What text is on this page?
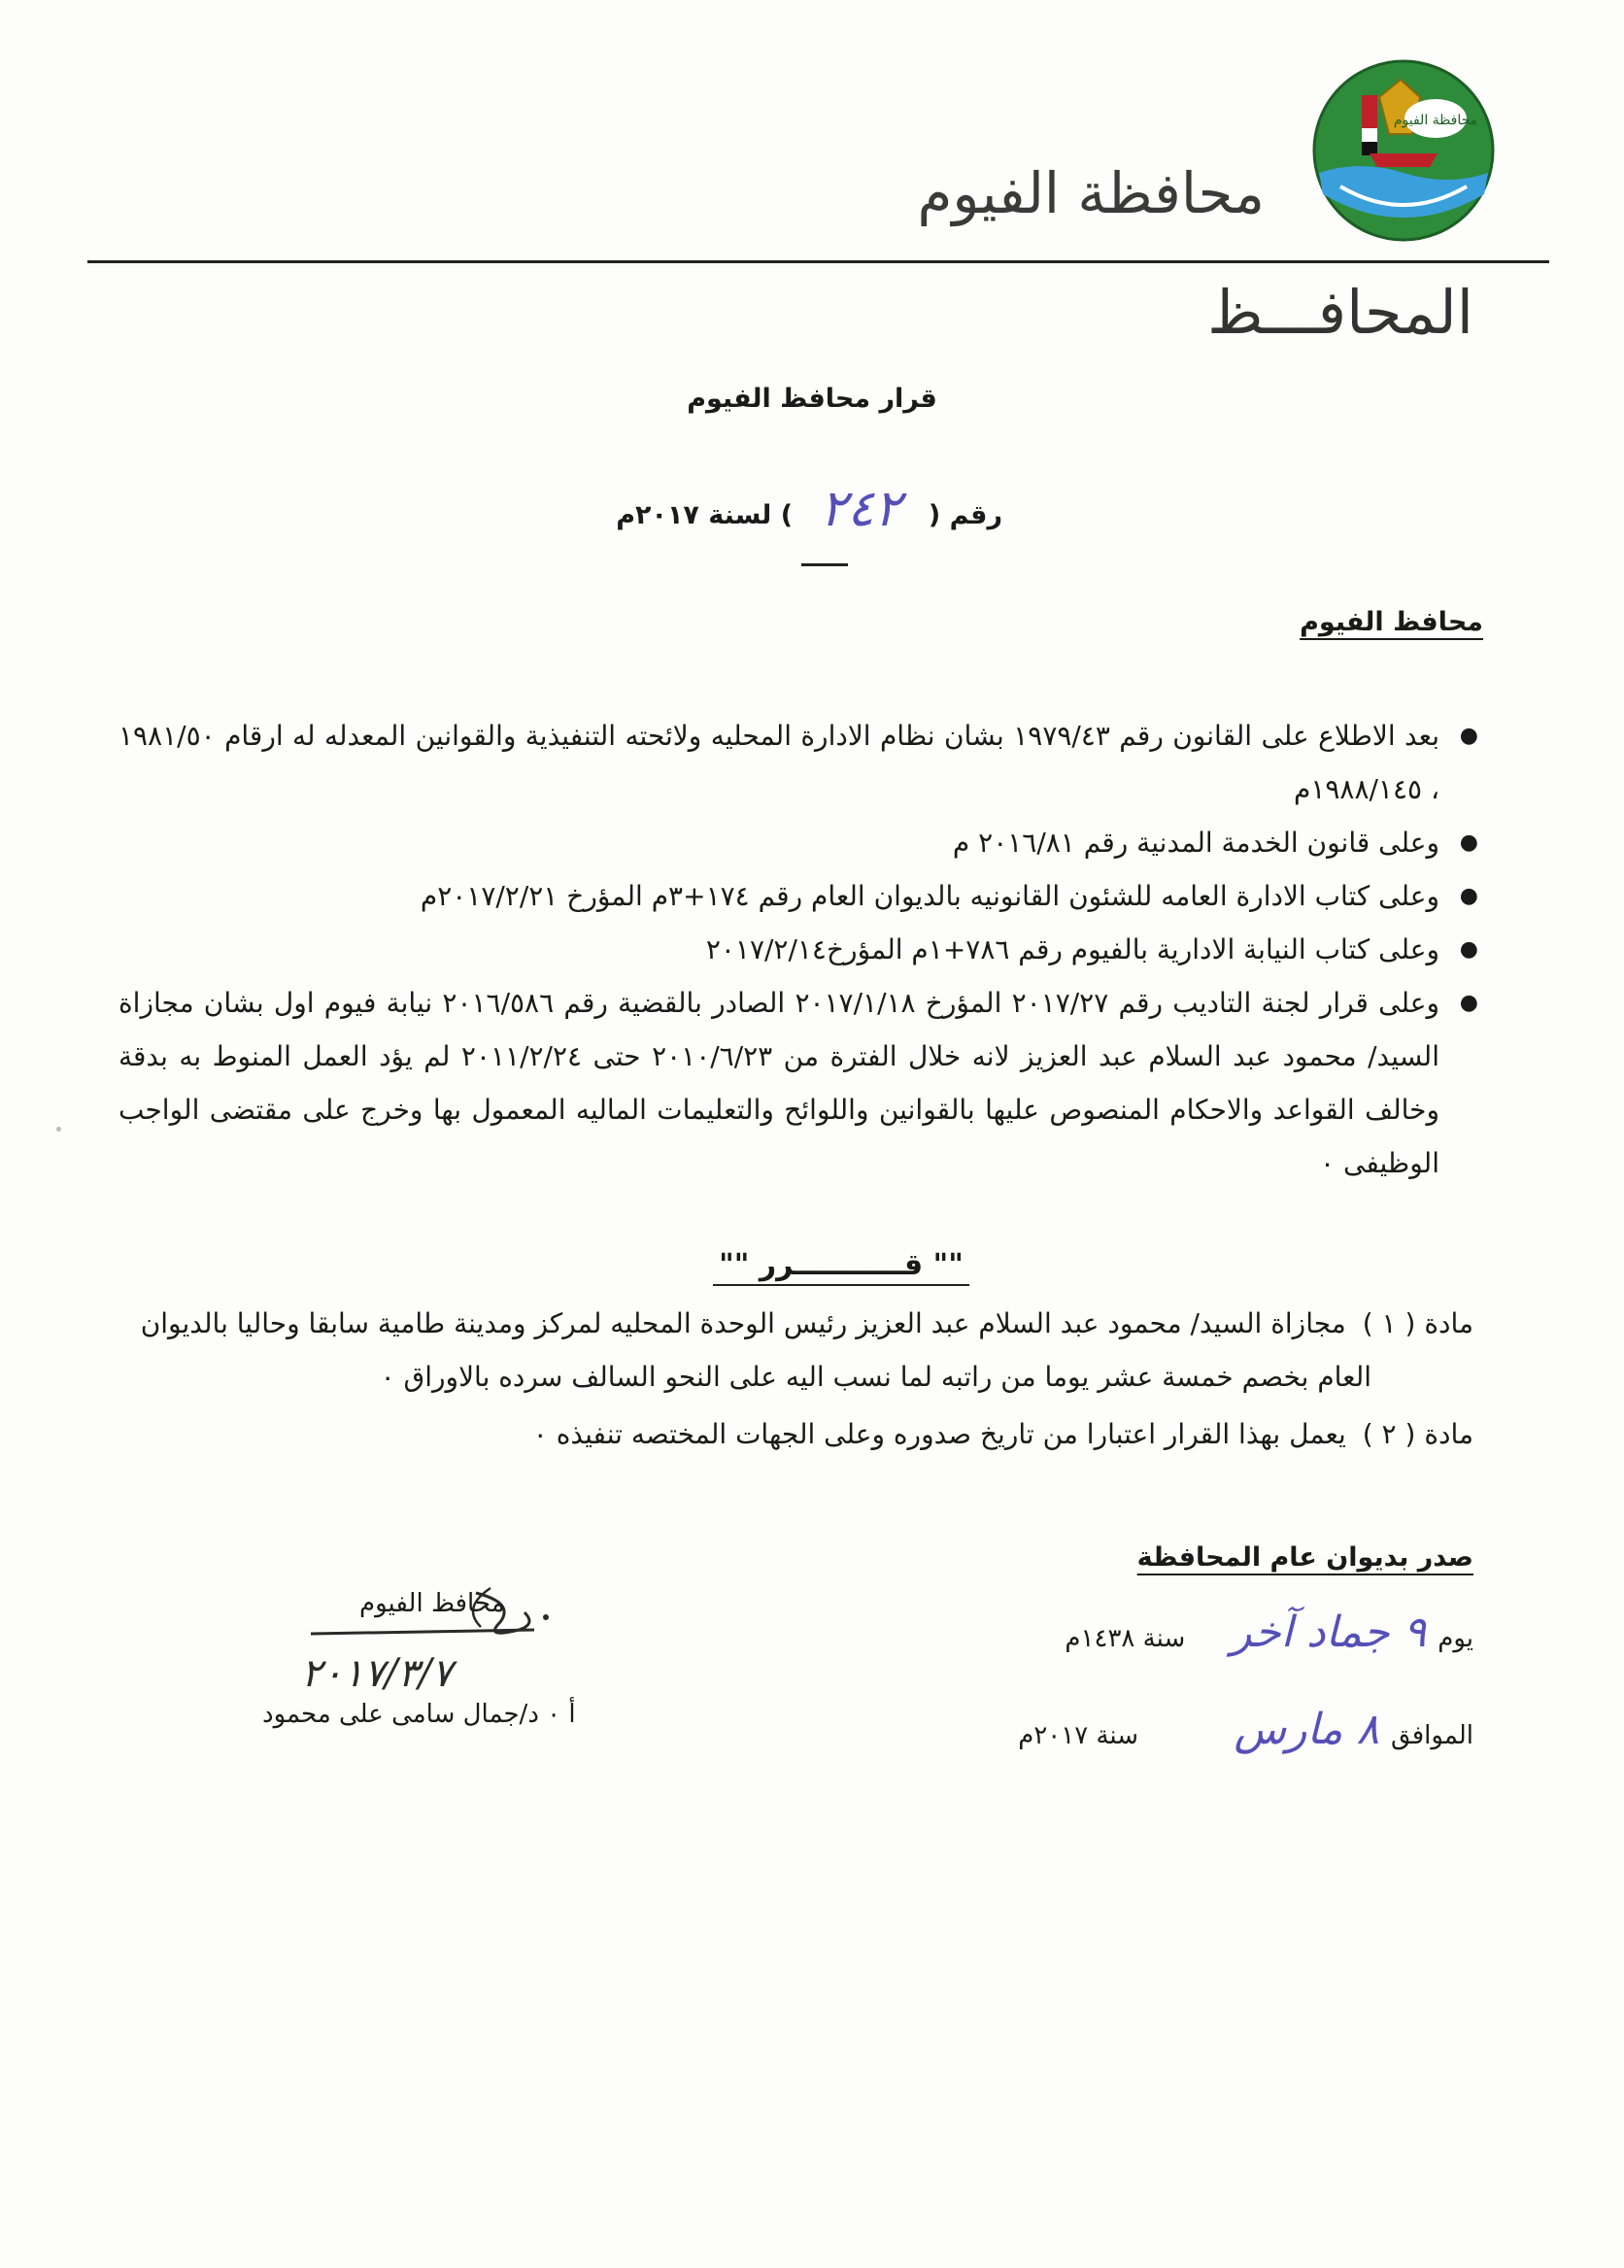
محافظة الفيوم
محافظة الفيوم
المحافـــظ
قرار محافظ الفيوم
رقم (
٢٤٢
) لسنة ٢٠١٧م
محافظ الفيوم
●
بعد الاطلاع على القانون رقم ١٩٧٩/٤٣ بشان نظام الادارة المحليه ولائحته التنفيذية والقوانين المعدله له ارقام ١٩٨١/٥٠ ، ١٩٨٨/١٤٥م
●
وعلى قانون الخدمة المدنية رقم ٢٠١٦/٨١ م
●
وعلى كتاب الادارة العامه للشئون القانونيه بالديوان العام رقم ١٧٤+٣م المؤرخ ٢٠١٧/٢/٢١م
●
وعلى كتاب النيابة الادارية بالفيوم رقم ٧٨٦+١م المؤرخ٢٠١٧/٢/١٤
●
وعلى قرار لجنة التاديب رقم ٢٠١٧/٢٧ المؤرخ ٢٠١٧/١/١٨ الصادر بالقضية رقم ٢٠١٦/٥٨٦ نيابة فيوم اول بشان مجازاة السيد/ محمود عبد السلام عبد العزيز لانه خلال الفترة من ٢٠١٠/٦/٢٣ حتى ٢٠١١/٢/٢٤ لم يؤد العمل المنوط به بدقة وخالف القواعد والاحكام المنصوص عليها بالقوانين واللوائح والتعليمات الماليه المعمول بها وخرج على مقتضى الواجب الوظيفى ٠
"" قـــــــــــرر ""
مادة ( ١ ) مجازاة السيد/ محمود عبد السلام عبد العزيز رئيس الوحدة المحليه لمركز ومدينة طامية سابقا وحاليا بالديوان
العام بخصم خمسة عشر يوما من راتبه لما نسب اليه على النحو السالف سرده بالاوراق ٠
مادة ( ٢ ) يعمل بهذا القرار اعتبارا من تاريخ صدوره وعلى الجهات المختصه تنفيذه ٠
صدر بديوان عام المحافظة
يوم
٩ جماد آخر
سنة ١٤٣٨م
الموافق
٨ مارس
سنة ٢٠١٧م
محافظ الفيوم
٢٠١٧/٣/٧
أ ٠ د/جمال سامى على محمود
